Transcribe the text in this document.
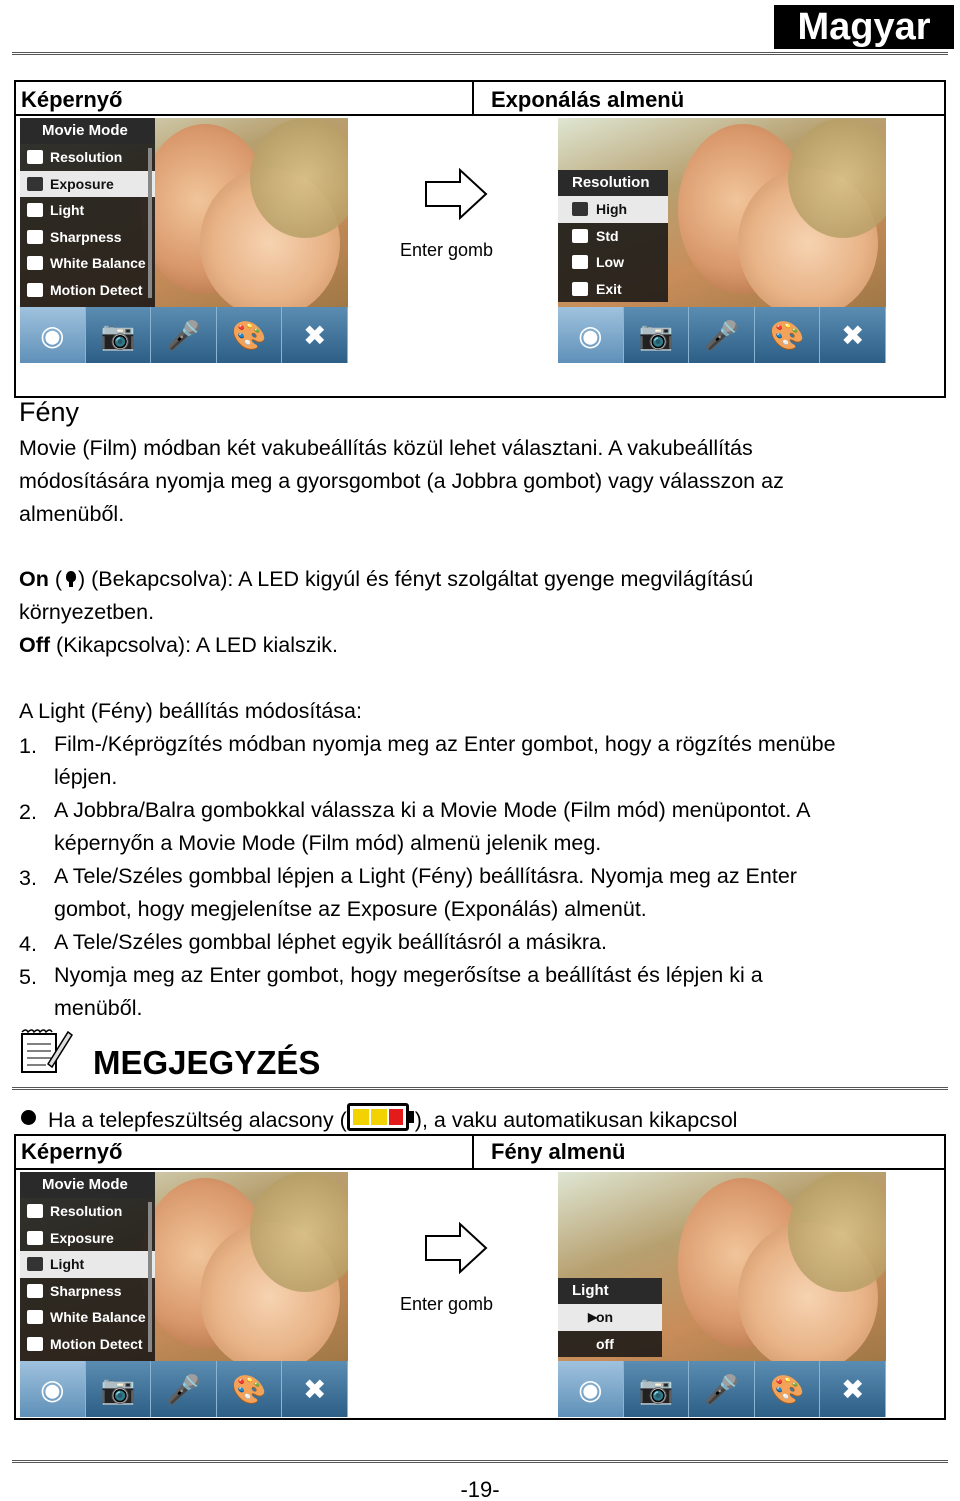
Magyar
Képernyő	Exponálás almenü
Movie Mode
Resolution
Exposure
Light
Sharpness
White Balance
Motion Detect
◉	📷	🎤	🎨	✖
Enter gomb
Resolution
High
Std
Low
Exit
◉	📷	🎤	🎨	✖
Fény
Movie (Film) módban két vakubeállítás közül lehet választani. A vakubeállítás
módosítására nyomja meg a gyorsgombot (a Jobbra gombot) vagy válasszon az
almenüből.
On ( ) (Bekapcsolva): A LED kigyúl és fényt szolgáltat gyenge megvilágítású
környezetben.
Off (Kikapcsolva): A LED kialszik.
A Light (Fény) beállítás módosítása:
1. Film-/Képrögzítés módban nyomja meg az Enter gombot, hogy a rögzítés menübe
lépjen.
2. A Jobbra/Balra gombokkal válassza ki a Movie Mode (Film mód) menüpontot. A
képernyőn a Movie Mode (Film mód) almenü jelenik meg.
3. A Tele/Széles gombbal lépjen a Light (Fény) beállításra. Nyomja meg az Enter
gombot, hogy megjelenítse az Exposure (Exponálás) almenüt.
4. A Tele/Széles gombbal léphet egyik beállításról a másikra.
5. Nyomja meg az Enter gombot, hogy megerősítse a beállítást és lépjen ki a
menüből.
MEGJEGYZÉS
Ha a telepfeszültség alacsony (	), a vaku automatikusan kikapcsol
Képernyő	Fény almenü
Movie Mode
Resolution
Exposure
Light
Sharpness
White Balance
Motion Detect
◉	📷	🎤	🎨	✖
Enter gomb
Light
▶
on
off
◉	📷	🎤	🎨	✖
-19-
